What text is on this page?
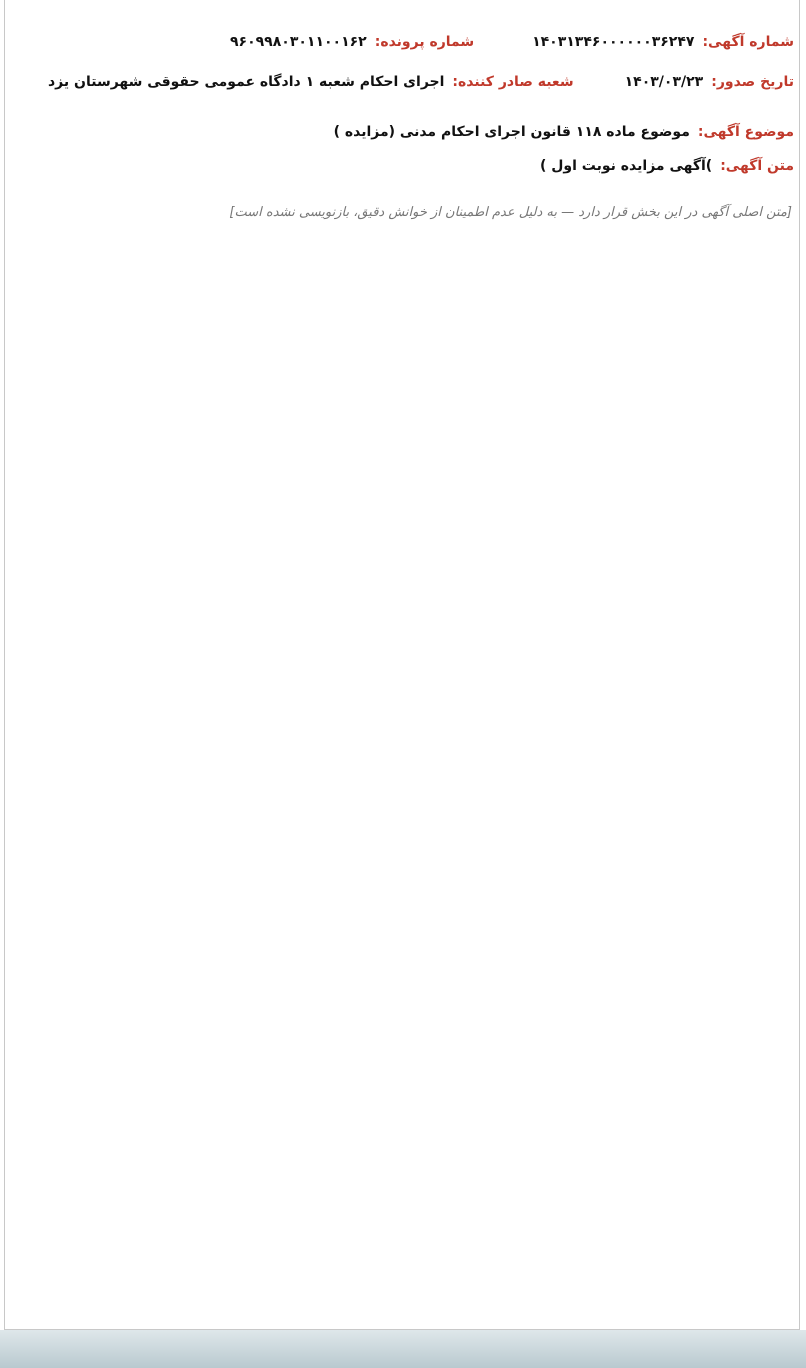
شماره آگهی:
۱۴۰۳۱۳۴۶۰۰۰۰۰۰۳۶۲۴۷
شماره پرونده:
۹۶۰۹۹۸۰۳۰۱۱۰۰۱۶۲
تاریخ صدور:
۱۴۰۳/۰۳/۲۳
شعبه صادر کننده:
اجرای احکام شعبه ۱ دادگاه عمومی حقوقی شهرستان یزد
موضوع آگهی:
موضوع ماده ۱۱۸ قانون اجرای احکام مدنی (مزایده )
متن آگهی:
)آگهی مزایده نوبت اول )
[متن اصلی آگهی در این بخش قرار دارد — به دلیل عدم اطمینان از خوانش دقیق، بازنویسی نشده است]
